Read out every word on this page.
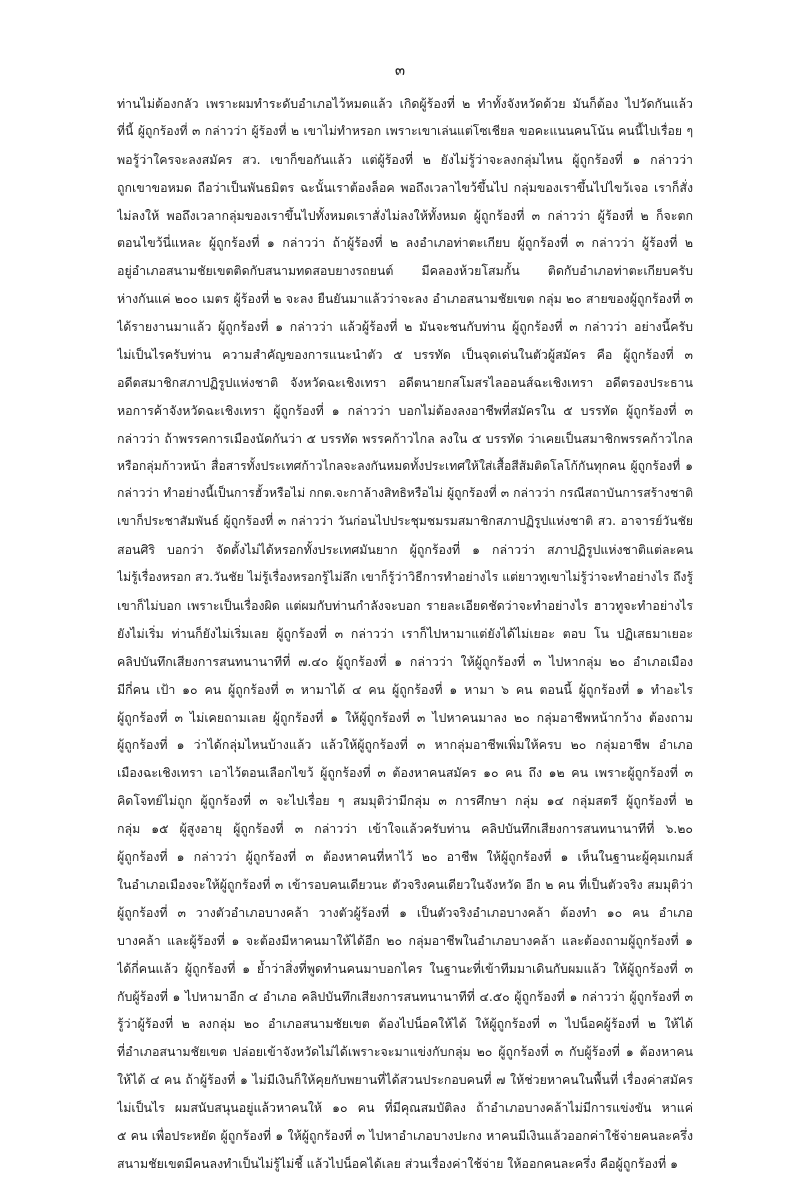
๓
ท่านไม่ต้องกลัว เพราะผมทำระดับอำเภอไว้หมดแล้ว เกิดผู้ร้องที่ ๒ ทำทั้งจังหวัดด้วย มันก็ต้อง ไปวัดกันแล้ว
ที่นี้ ผู้ถูกร้องที่ ๓ กล่าวว่า ผู้ร้องที่ ๒ เขาไม่ทำหรอก เพราะเขาเล่นแต่โซเชียล ขอคะแนนคนโน้น คนนี้ไปเรื่อย ๆ
พอรู้ว่าใครจะลงสมัคร สว. เขาก็ขอกันแล้ว แต่ผู้ร้องที่ ๒ ยังไม่รู้ว่าจะลงกลุ่มไหน ผู้ถูกร้องที่ ๑ กล่าวว่า
ถูกเขาขอหมด ถือว่าเป็นพันธมิตร ฉะนั้นเราต้องล็อค พอถึงเวลาไขว้ขึ้นไป กลุ่มของเราขึ้นไปไขว้เจอ เราก็สั่ง
ไม่ลงให้ พอถึงเวลากลุ่มของเราขึ้นไปทั้งหมดเราสั่งไม่ลงให้ทั้งหมด ผู้ถูกร้องที่ ๓ กล่าวว่า ผู้ร้องที่ ๒ ก็จะตก
ตอนไขว้นี่แหละ ผู้ถูกร้องที่ ๑ กล่าวว่า ถ้าผู้ร้องที่ ๒ ลงอำเภอท่าตะเกียบ ผู้ถูกร้องที่ ๓ กล่าวว่า ผู้ร้องที่ ๒
อยู่อำเภอสนามชัยเขตติดกับสนามทดสอบยางรถยนต์ มีคลองห้วยโสมกั้น ติดกับอำเภอท่าตะเกียบครับ
ห่างกันแค่ ๒๐๐ เมตร ผู้ร้องที่ ๒ จะลง ยืนยันมาแล้วว่าจะลง อำเภอสนามชัยเขต กลุ่ม ๒๐ สายของผู้ถูกร้องที่ ๓
ได้รายงานมาแล้ว ผู้ถูกร้องที่ ๑ กล่าวว่า แล้วผู้ร้องที่ ๒ มันจะชนกับท่าน ผู้ถูกร้องที่ ๓ กล่าวว่า อย่างนี้ครับ
ไม่เป็นไรครับท่าน ความสำคัญของการแนะนำตัว ๕ บรรทัด เป็นจุดเด่นในตัวผู้สมัคร คือ ผู้ถูกร้องที่ ๓
อดีตสมาชิกสภาปฏิรูปแห่งชาติ จังหวัดฉะเชิงเทรา อดีตนายกสโมสรไลออนส์ฉะเชิงเทรา อดีตรองประธาน
หอการค้าจังหวัดฉะเชิงเทรา ผู้ถูกร้องที่ ๑ กล่าวว่า บอกไม่ต้องลงอาชีพที่สมัครใน ๕ บรรทัด ผู้ถูกร้องที่ ๓
กล่าวว่า ถ้าพรรคการเมืองนัดกันว่า ๕ บรรทัด พรรคก้าวไกล ลงใน ๕ บรรทัด ว่าเคยเป็นสมาชิกพรรคก้าวไกล
หรือกลุ่มก้าวหน้า สื่อสารทั้งประเทศก้าวไกลจะลงกันหมดทั้งประเทศให้ใส่เสื้อสีส้มติดโลโก้กันทุกคน ผู้ถูกร้องที่ ๑
กล่าวว่า ทำอย่างนี้เป็นการฮั้วหรือไม่ กกต.จะกาล้างสิทธิหรือไม่ ผู้ถูกร้องที่ ๓ กล่าวว่า กรณีสถาบันการสร้างชาติ
เขาก็ประชาสัมพันธ์ ผู้ถูกร้องที่ ๓ กล่าวว่า วันก่อนไปประชุมชมรมสมาชิกสภาปฏิรูปแห่งชาติ สว. อาจารย์วันชัย
สอนศิริ บอกว่า จัดตั้งไม่ได้หรอกทั้งประเทศมันยาก ผู้ถูกร้องที่ ๑ กล่าวว่า สภาปฏิรูปแห่งชาติแต่ละคน
ไม่รู้เรื่องหรอก สว.วันชัย ไม่รู้เรื่องหรอกรู้ไม่ลึก เขาก็รู้ว่าวิธีการทำอย่างไร แต่ยาวทูเขาไม่รู้ว่าจะทำอย่างไร ถึงรู้
เขาก็ไม่บอก เพราะเป็นเรื่องผิด แต่ผมกับท่านกำลังจะบอก รายละเอียดชัดว่าจะทำอย่างไร ฮาวทูจะทำอย่างไร
ยังไม่เริ่ม ท่านก็ยังไม่เริ่มเลย ผู้ถูกร้องที่ ๓ กล่าวว่า เราก็ไปหามาแต่ยังได้ไม่เยอะ ตอบ โน ปฏิเสธมาเยอะ
คลิปบันทึกเสียงการสนทนานาทีที่ ๗.๔๐ ผู้ถูกร้องที่ ๑ กล่าวว่า ให้ผู้ถูกร้องที่ ๓ ไปหากลุ่ม ๒๐ อำเภอเมือง
มีกี่คน เป้า ๑๐ คน ผู้ถูกร้องที่ ๓ หามาได้ ๔ คน ผู้ถูกร้องที่ ๑ หามา ๖ คน ตอนนี้ ผู้ถูกร้องที่ ๑ ทำอะไร
ผู้ถูกร้องที่ ๓ ไม่เคยถามเลย ผู้ถูกร้องที่ ๑ ให้ผู้ถูกร้องที่ ๓ ไปหาคนมาลง ๒๐ กลุ่มอาชีพหน้ากว้าง ต้องถาม
ผู้ถูกร้องที่ ๑ ว่าได้กลุ่มไหนบ้างแล้ว แล้วให้ผู้ถูกร้องที่ ๓ หากลุ่มอาชีพเพิ่มให้ครบ ๒๐ กลุ่มอาชีพ อำเภอ
เมืองฉะเชิงเทรา เอาไว้ตอนเลือกไขว้ ผู้ถูกร้องที่ ๓ ต้องหาคนสมัคร ๑๐ คน ถึง ๑๒ คน เพราะผู้ถูกร้องที่ ๓
คิดโจทย์ไม่ถูก ผู้ถูกร้องที่ ๓ จะไปเรื่อย ๆ สมมุติว่ามีกลุ่ม ๓ การศึกษา กลุ่ม ๑๔ กลุ่มสตรี ผู้ถูกร้องที่ ๒
กลุ่ม ๑๕ ผู้สูงอายุ ผู้ถูกร้องที่ ๓ กล่าวว่า เข้าใจแล้วครับท่าน คลิปบันทึกเสียงการสนทนานาทีที่ ๖.๒๐
ผู้ถูกร้องที่ ๑ กล่าวว่า ผู้ถูกร้องที่ ๓ ต้องหาคนที่หาไว้ ๒๐ อาชีพ ให้ผู้ถูกร้องที่ ๑ เห็นในฐานะผู้คุมเกมส์
ในอำเภอเมืองจะให้ผู้ถูกร้องที่ ๓ เข้ารอบคนเดียวนะ ตัวจริงคนเดียวในจังหวัด อีก ๒ คน ที่เป็นตัวจริง สมมุติว่า
ผู้ถูกร้องที่ ๓ วางตัวอำเภอบางคล้า วางตัวผู้ร้องที่ ๑ เป็นตัวจริงอำเภอบางคล้า ต้องทำ ๑๐ คน อำเภอ
บางคล้า และผู้ร้องที่ ๑ จะต้องมีหาคนมาให้ได้อีก ๒๐ กลุ่มอาชีพในอำเภอบางคล้า และต้องถามผู้ถูกร้องที่ ๑
ได้กี่คนแล้ว ผู้ถูกร้องที่ ๑ ย้ำว่าสิ่งที่พูดทำนคนมาบอกไคร ในฐานะที่เข้าทีมมาเดินกับผมแล้ว ให้ผู้ถูกร้องที่ ๓
กับผู้ร้องที่ ๑ ไปหามาอีก ๔ อำเภอ คลิปบันทึกเสียงการสนทนานาทีที่ ๔.๕๐ ผู้ถูกร้องที่ ๑ กล่าวว่า ผู้ถูกร้องที่ ๓
รู้ว่าผู้ร้องที่ ๒ ลงกลุ่ม ๒๐ อำเภอสนามชัยเขต ต้องไปน็อคให้ได้ ให้ผู้ถูกร้องที่ ๓ ไปน็อคผู้ร้องที่ ๒ ให้ได้
ที่อำเภอสนามชัยเขต ปล่อยเข้าจังหวัดไม่ได้เพราะจะมาแข่งกับกลุ่ม ๒๐ ผู้ถูกร้องที่ ๓ กับผู้ร้องที่ ๑ ต้องหาคน
ให้ได้ ๔ คน ถ้าผู้ร้องที่ ๑ ไม่มีเงินก็ให้คุยกับพยานที่ได้สวนประกอบคนที่ ๗ ให้ช่วยหาคนในพื้นที่ เรื่องค่าสมัคร
ไม่เป็นไร ผมสนับสนุนอยู่แล้วหาคนให้ ๑๐ คน ที่มีคุณสมบัติลง ถ้าอำเภอบางคล้าไม่มีการแข่งขัน หาแค่
๕ คน เพื่อประหยัด ผู้ถูกร้องที่ ๑ ให้ผู้ถูกร้องที่ ๓ ไปหาอำเภอบางปะกง หาคนมีเงินแล้วออกค่าใช้จ่ายคนละครึ่ง
สนามชัยเขตมีคนลงทำเป็นไม่รู้ไม่ชี้ แล้วไปน็อคได้เลย ส่วนเรื่องค่าใช้จ่าย ให้ออกคนละครึ่ง คือผู้ถูกร้องที่ ๑
